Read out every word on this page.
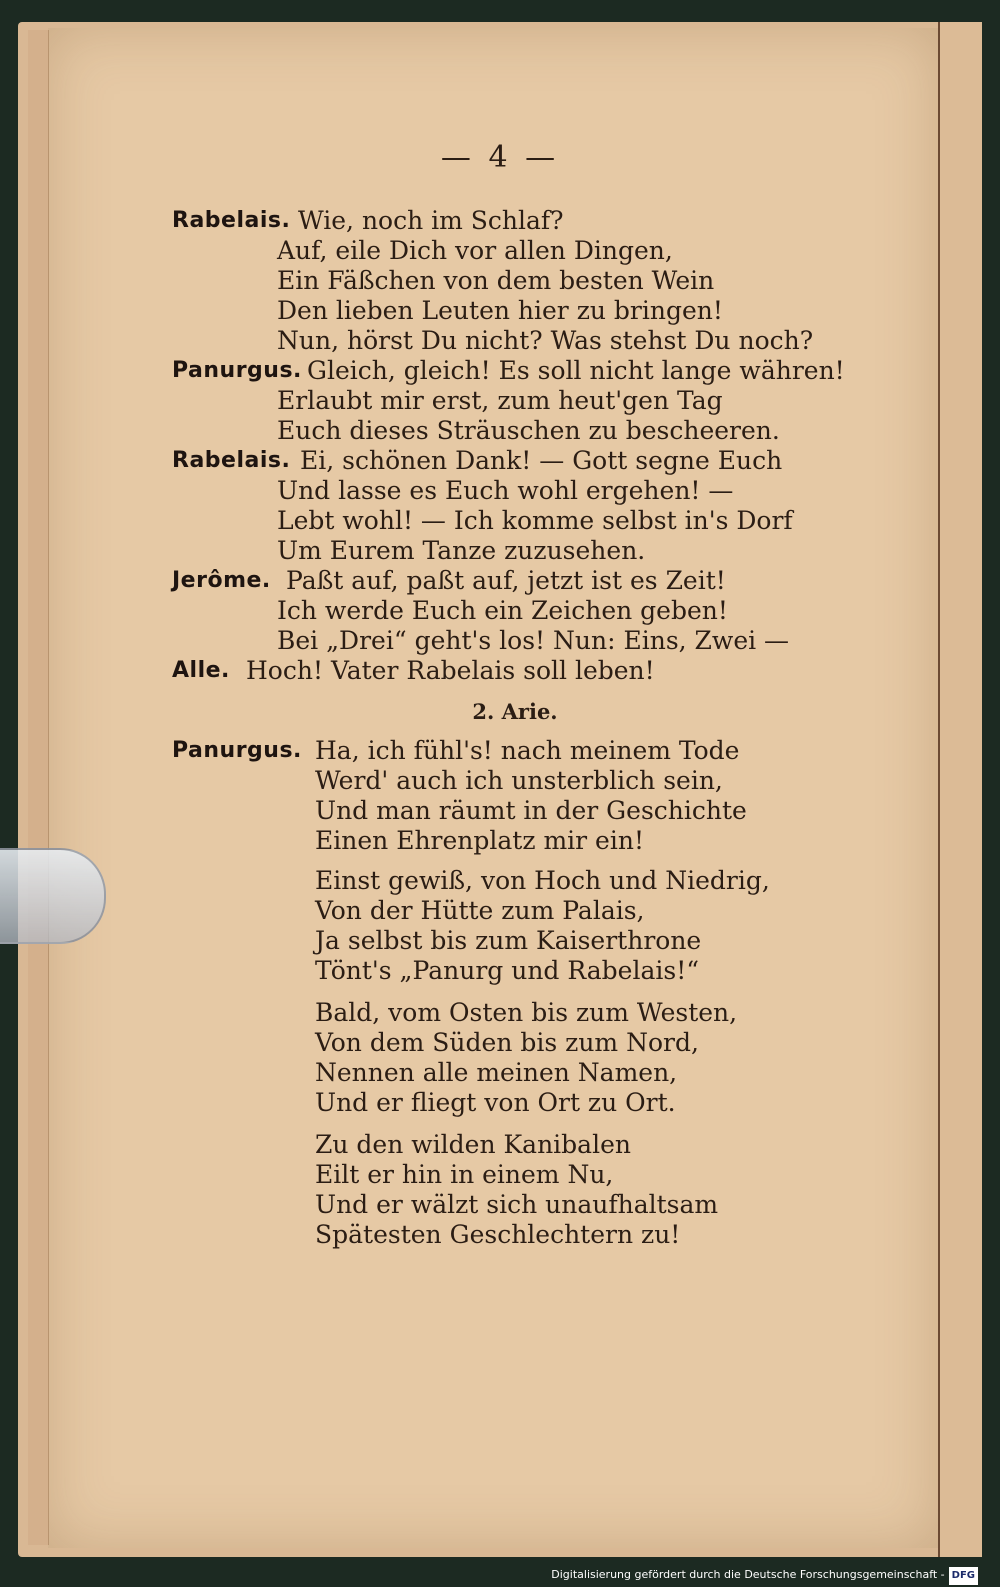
— 4 —
Rabelais. Wie, noch im Schlaf?
Auf, eile Dich vor allen Dingen,
Ein Fäßchen von dem besten Wein
Den lieben Leuten hier zu bringen!
Nun, hörst Du nicht? Was stehst Du noch?
Panurgus. Gleich, gleich! Es soll nicht lange währen!
Erlaubt mir erst, zum heut'gen Tag
Euch dieses Sträuschen zu bescheeren.
Rabelais. Ei, schönen Dank! — Gott segne Euch
Und lasse es Euch wohl ergehen! —
Lebt wohl! — Ich komme selbst in's Dorf
Um Eurem Tanze zuzusehen.
Jerôme. Paßt auf, paßt auf, jetzt ist es Zeit!
Ich werde Euch ein Zeichen geben!
Bei „Drei“ geht's los! Nun: Eins, Zwei —
Alle. Hoch! Vater Rabelais soll leben!
2. Arie.
Panurgus. Ha, ich fühl's! nach meinem Tode
Werd' auch ich unsterblich sein,
Und man räumt in der Geschichte
Einen Ehrenplatz mir ein!
Einst gewiß, von Hoch und Niedrig,
Von der Hütte zum Palais,
Ja selbst bis zum Kaiserthrone
Tönt's „Panurg und Rabelais!“
Bald, vom Osten bis zum Westen,
Von dem Süden bis zum Nord,
Nennen alle meinen Namen,
Und er fliegt von Ort zu Ort.
Zu den wilden Kanibalen
Eilt er hin in einem Nu,
Und er wälzt sich unaufhaltsam
Spätesten Geschlechtern zu!
Digitalisierung gefördert durch die Deutsche Forschungsgemeinschaft - DFG
